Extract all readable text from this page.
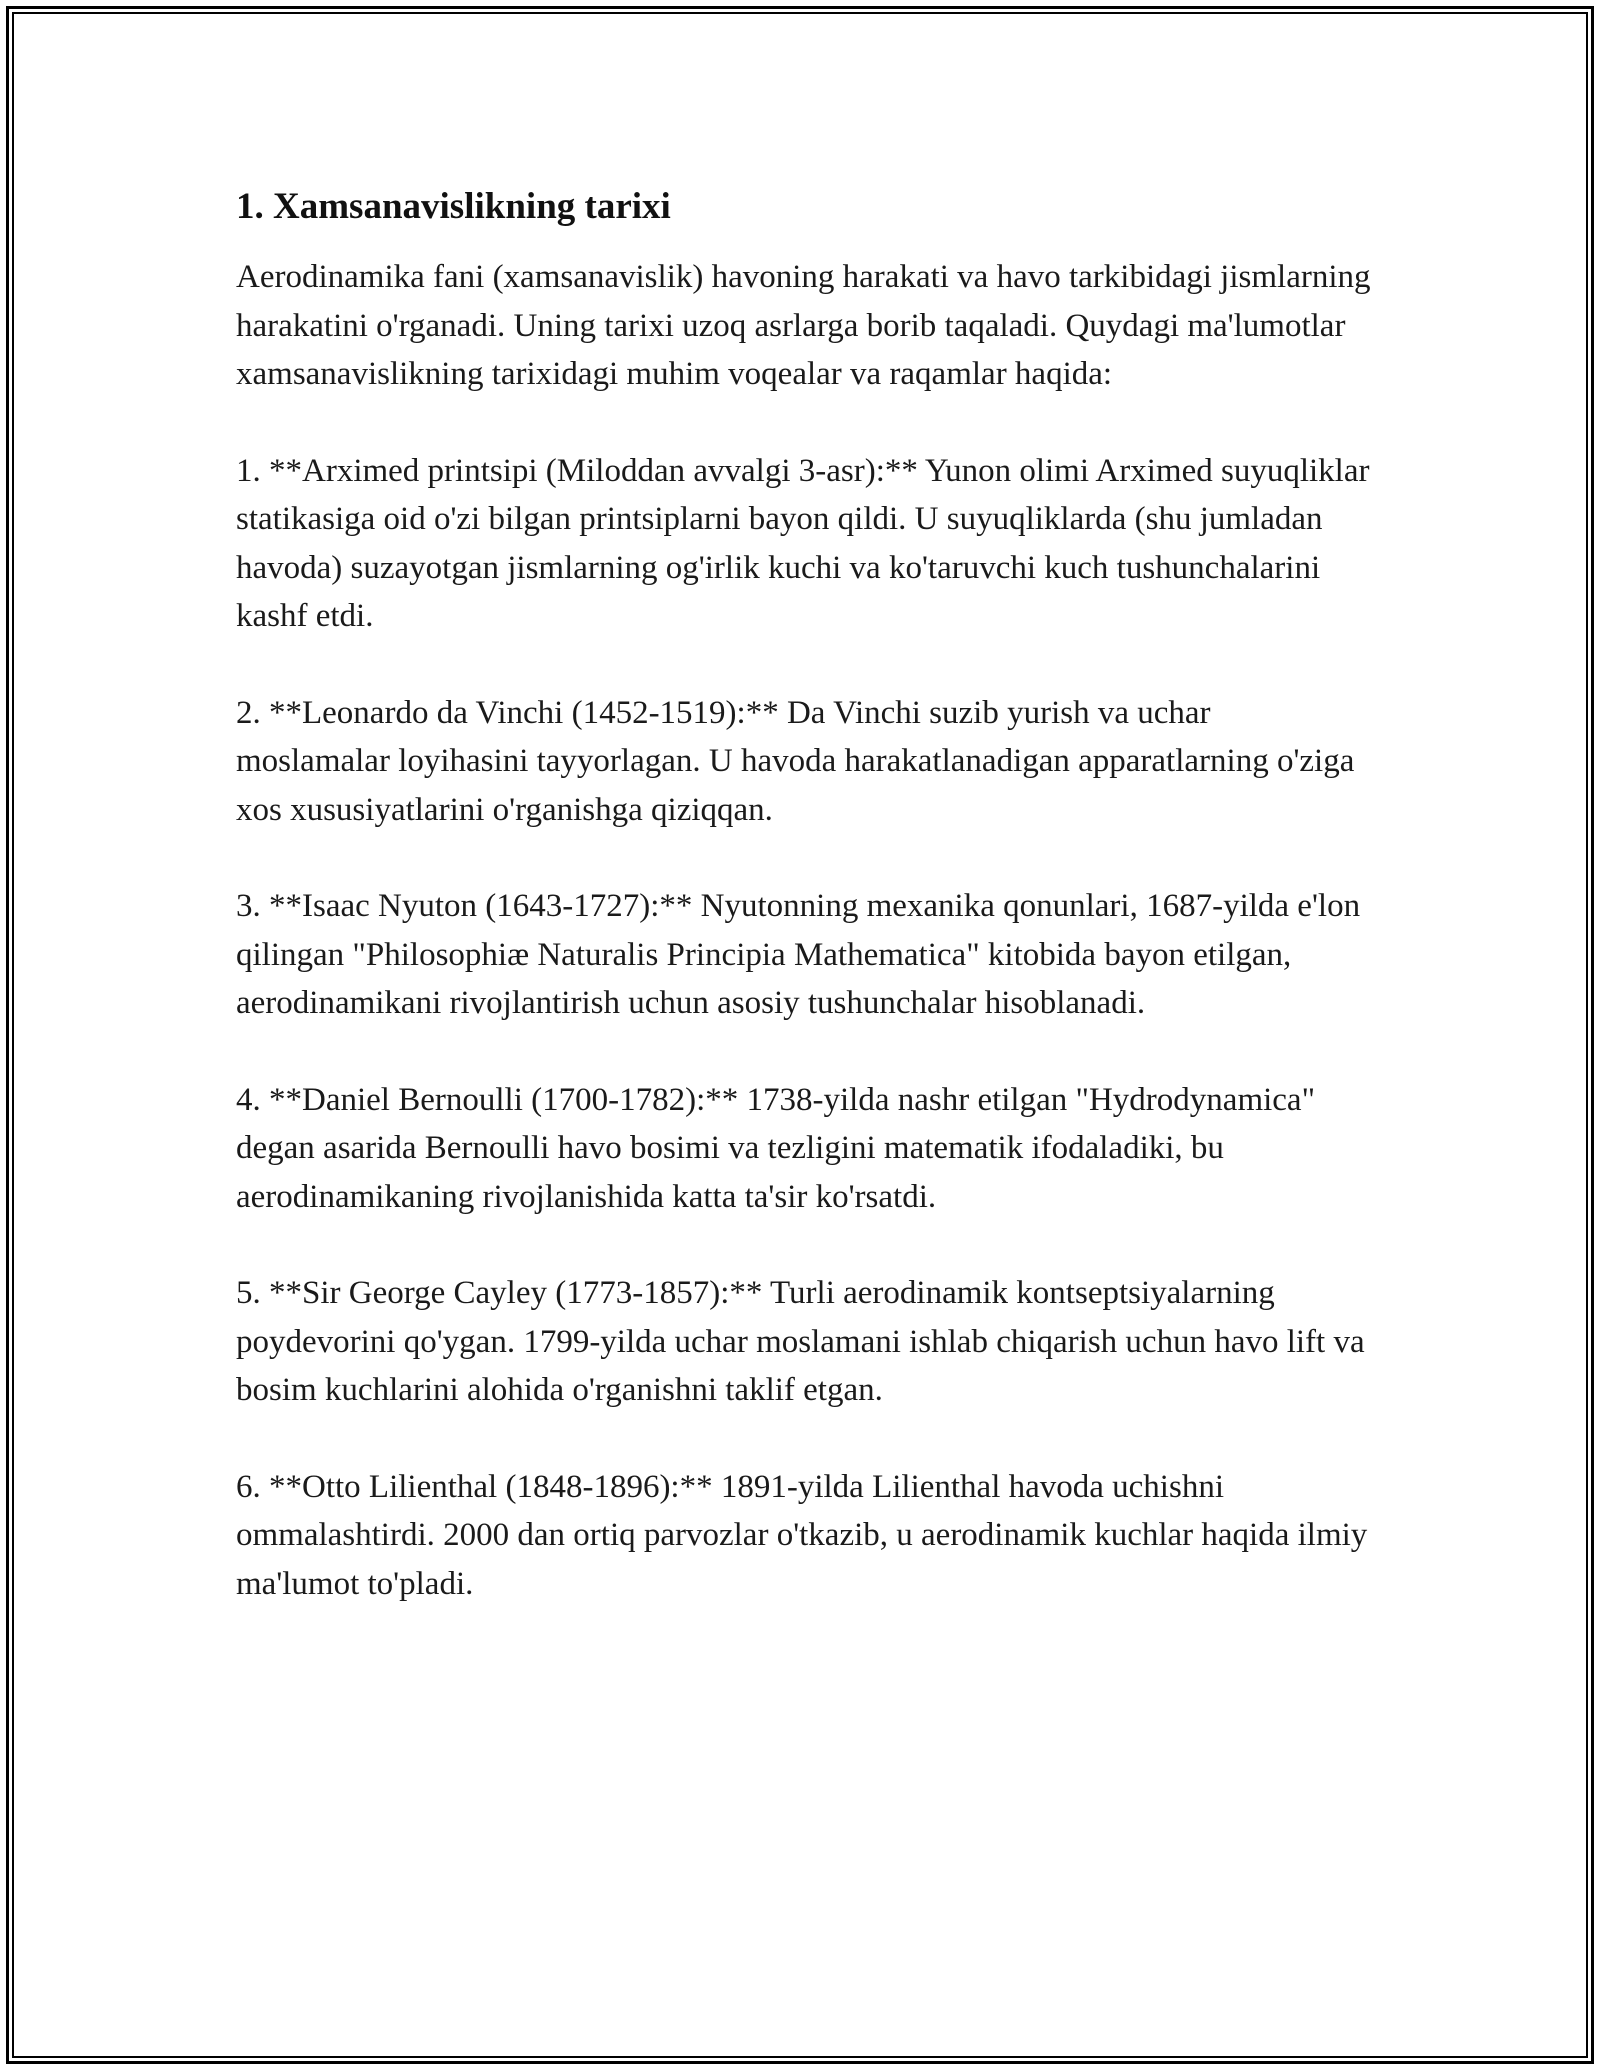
1. Xamsanavislikning tarixi

Aerodinamika fani (xamsanavislik) havoning harakati va havo tarkibidagi jismlarning harakatini o'rganadi. Uning tarixi uzoq asrlarga borib taqaladi. Quydagi ma'lumotlar xamsanavislikning tarixidagi muhim voqealar va raqamlar haqida:

1. **Arximed printsipi (Miloddan avvalgi 3-asr):** Yunon olimi Arximed suyuqliklar statikasiga oid o'zi bilgan printsiplarni bayon qildi. U suyuqliklarda (shu jumladan havoda) suzayotgan jismlarning og'irlik kuchi va ko'taruvchi kuch tushunchalarini kashf etdi.

2. **Leonardo da Vinchi (1452-1519):** Da Vinchi suzib yurish va uchar moslamalar loyihasini tayyorlagan. U havoda harakatlanadigan apparatlarning o'ziga xos xususiyatlarini o'rganishga qiziqqan.

3. **Isaac Nyuton (1643-1727):** Nyutonning mexanika qonunlari, 1687-yilda e'lon qilingan "Philosophiæ Naturalis Principia Mathematica" kitobida bayon etilgan, aerodinamikani rivojlantirish uchun asosiy tushunchalar hisoblanadi.

4. **Daniel Bernoulli (1700-1782):** 1738-yilda nashr etilgan "Hydrodynamica" degan asarida Bernoulli havo bosimi va tezligini matematik ifodaladiki, bu aerodinamikaning rivojlanishida katta ta'sir ko'rsatdi.

5. **Sir George Cayley (1773-1857):** Turli aerodinamik kontseptsiyalarning poydevorini qo'ygan. 1799-yilda uchar moslamani ishlab chiqarish uchun havo lift va bosim kuchlarini alohida o'rganishni taklif etgan.

6. **Otto Lilienthal (1848-1896):** 1891-yilda Lilienthal havoda uchishni ommalashtirdi. 2000 dan ortiq parvozlar o'tkazib, u aerodinamik kuchlar haqida ilmiy ma'lumot to'pladi.
